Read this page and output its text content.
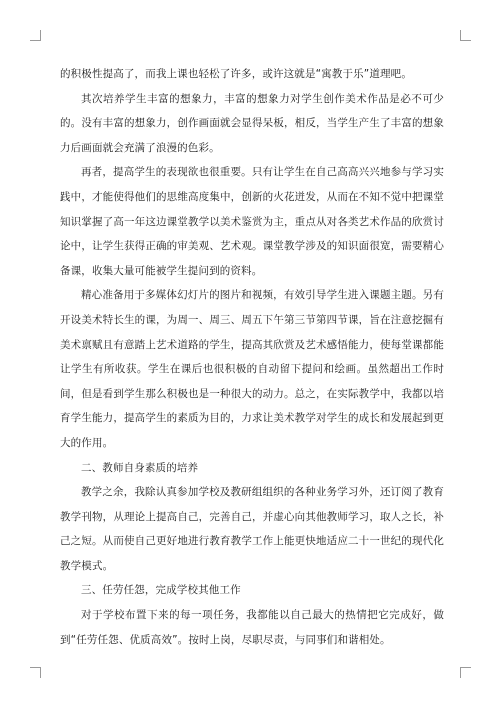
的积极性提高了，而我上课也轻松了许多，或许这就是“寓教于乐”道理吧。

其次培养学生丰富的想象力，丰富的想象力对学生创作美术作品是必不可少的。没有丰富的想象力，创作画面就会显得呆板，相反，当学生产生了丰富的想象力后画面就会充满了浪漫的色彩。

再者，提高学生的表现欲也很重要。只有让学生在自己高高兴兴地参与学习实践中，才能使得他们的思维高度集中，创新的火花迸发，从而在不知不觉中把课堂知识掌握了高一年这边课堂教学以美术鉴赏为主，重点从对各类艺术作品的欣赏讨论中，让学生获得正确的审美观、艺术观。课堂教学涉及的知识面很宽，需要精心备课，收集大量可能被学生提问到的资料。

精心准备用于多媒体幻灯片的图片和视频，有效引导学生进入课题主题。另有开设美术特长生的课，为周一、周三、周五下午第三节第四节课，旨在注意挖掘有美术禀赋且有意踏上艺术道路的学生，提高其欣赏及艺术感悟能力，使每堂课都能让学生有所收获。学生在课后也很积极的自动留下提问和绘画。虽然超出工作时间，但是看到学生那么积极也是一种很大的动力。总之，在实际教学中，我都以培育学生能力，提高学生的素质为目的，力求让美术教学对学生的成长和发展起到更大的作用。

二、教师自身素质的培养

教学之余，我除认真参加学校及教研组组织的各种业务学习外，还订阅了教育教学刊物，从理论上提高自己，完善自己，并虚心向其他教师学习，取人之长，补己之短。从而使自己更好地进行教育教学工作上能更快地适应二十一世纪的现代化教学模式。

三、任劳任怨，完成学校其他工作

对于学校布置下来的每一项任务，我都能以自己最大的热情把它完成好，做到“任劳任怨、优质高效”。按时上岗，尽职尽责，与同事们和谐相处。
